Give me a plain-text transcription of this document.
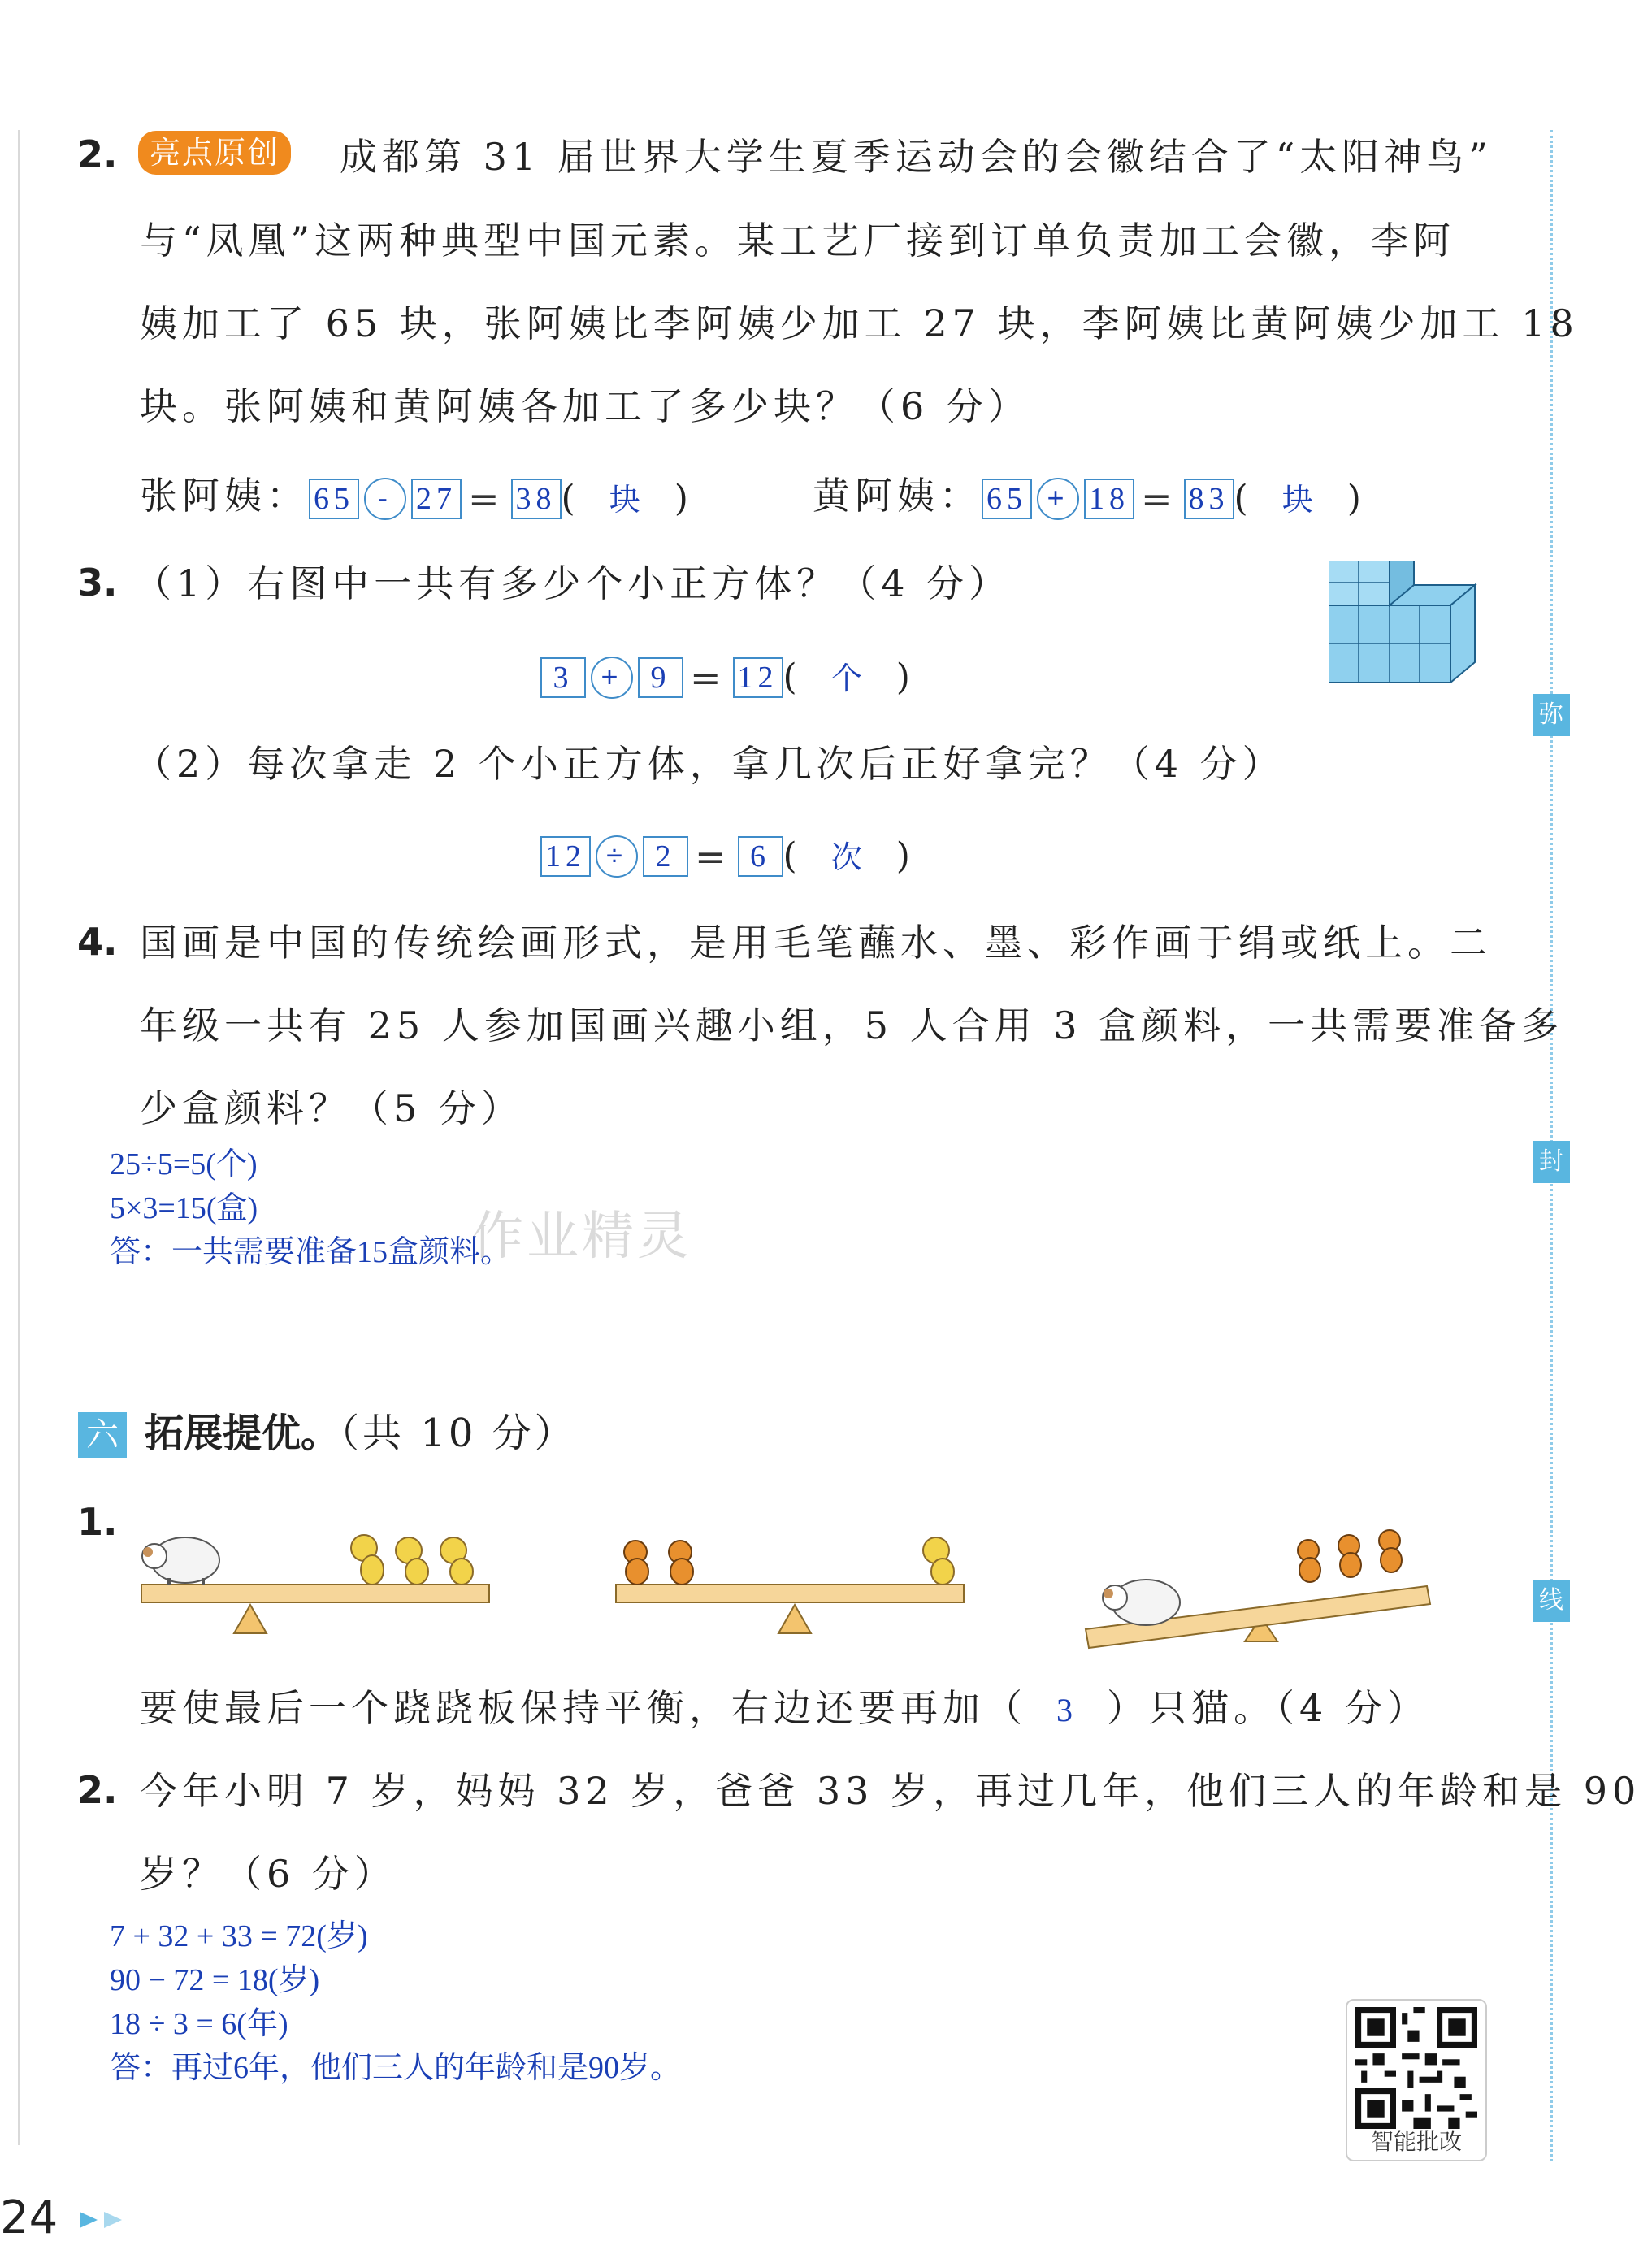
弥
封
线
2.	亮点原创	成都第 31 届世界大学生夏季运动会的会徽结合了“太阳神鸟”
与“凤凰”这两种典型中国元素。某工艺厂接到订单负责加工会徽，李阿
姨加工了 65 块，张阿姨比李阿姨少加工 27 块，李阿姨比黄阿姨少加工 18
块。张阿姨和黄阿姨各加工了多少块？（6 分）
张阿姨： 65 - 27 = 38 ( 块 )	黄阿姨： 65 + 18 = 83 ( 块 )
3. （1）右图中一共有多少个小正方体？（4 分）
3 + 9 = 12 ( 个 )
（2）每次拿走 2 个小正方体，拿几次后正好拿完？（4 分）
12 ÷ 2 = 6 ( 次 )
4. 国画是中国的传统绘画形式，是用毛笔蘸水、墨、彩作画于绢或纸上。二
年级一共有 25 人参加国画兴趣小组，5 人合用 3 盒颜料，一共需要准备多
少盒颜料？（5 分）
25÷5=5(个)
5×3=15(盒)
答：一共需要准备15盒颜料。
作业精灵
六 拓展提优。（共 10 分）
1.
要使最后一个跷跷板保持平衡，右边还要再加（ 3 ）只猫。（4 分）
2. 今年小明 7 岁，妈妈 32 岁，爸爸 33 岁，再过几年，他们三人的年龄和是 90
岁？（6 分）
7 + 32 + 33 = 72(岁)
90 − 72 = 18(岁)
18 ÷ 3 = 6(年)
答：再过6年，他们三人的年龄和是90岁。
智能批改
24
